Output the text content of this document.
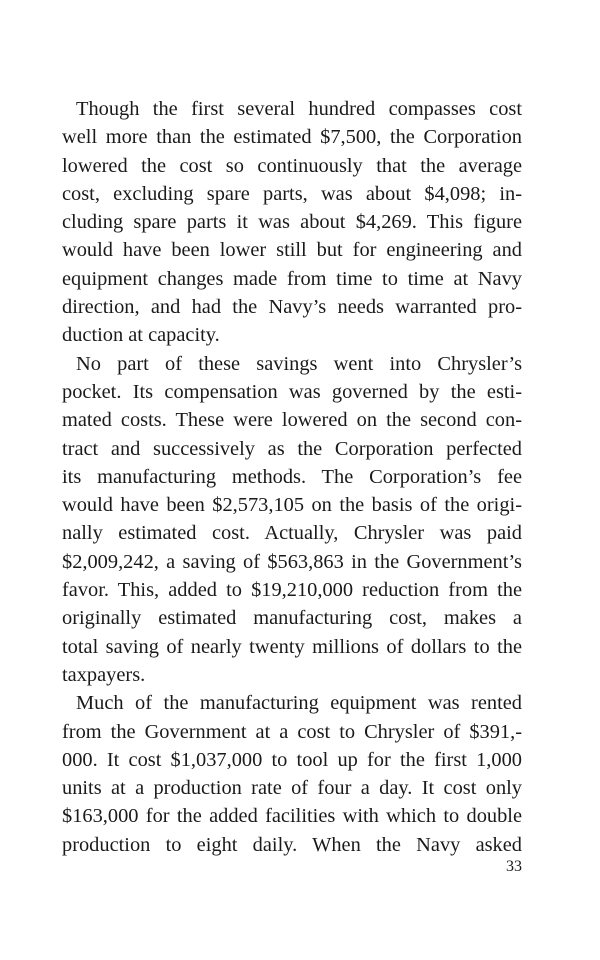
Though the first several hundred compasses cost
well more than the estimated $7,500, the Corporation
lowered the cost so continuously that the average
cost, excluding spare parts, was about $4,098; in-
cluding spare parts it was about $4,269. This figure
would have been lower still but for engineering and
equipment changes made from time to time at Navy
direction, and had the Navy’s needs warranted pro-
duction at capacity.
No part of these savings went into Chrysler’s
pocket. Its compensation was governed by the esti-
mated costs. These were lowered on the second con-
tract and successively as the Corporation perfected
its manufacturing methods. The Corporation’s fee
would have been $2,573,105 on the basis of the origi-
nally estimated cost. Actually, Chrysler was paid
$2,009,242, a saving of $563,863 in the Government’s
favor. This, added to $19,210,000 reduction from the
originally estimated manufacturing cost, makes a
total saving of nearly twenty millions of dollars to the
taxpayers.
Much of the manufacturing equipment was rented
from the Government at a cost to Chrysler of $391,-
000. It cost $1,037,000 to tool up for the first 1,000
units at a production rate of four a day. It cost only
$163,000 for the added facilities with which to double
production to eight daily. When the Navy asked
33
